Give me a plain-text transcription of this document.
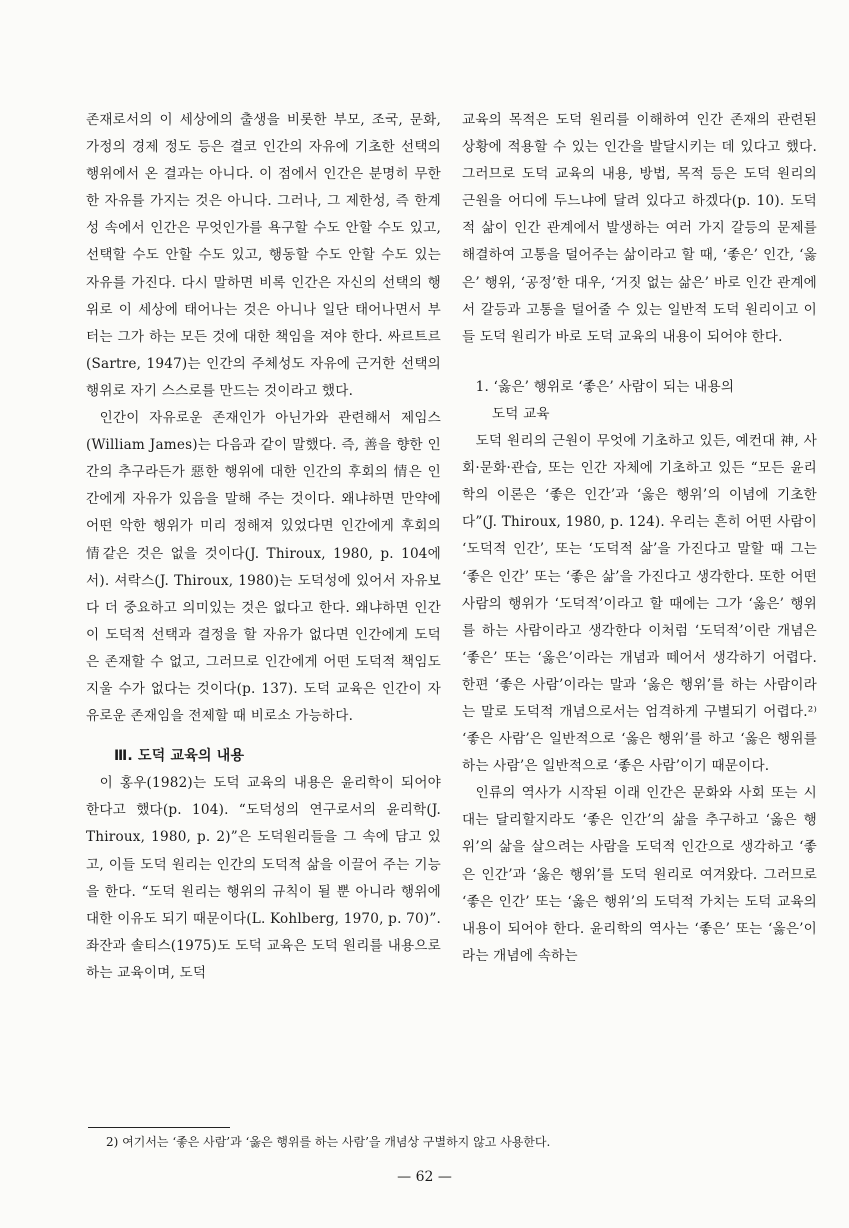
존재로서의 이 세상에의 출생을 비롯한 부모, 조국, 문화, 가정의 경제 정도 등은 결코 인간의 자유에 기초한 선택의 행위에서 온 결과는 아니다. 이 점에서 인간은 분명히 무한한 자유를 가지는 것은 아니다. 그러나, 그 제한성, 즉 한계성 속에서 인간은 무엇인가를 욕구할 수도 안할 수도 있고, 선택할 수도 안할 수도 있고, 행동할 수도 안할 수도 있는 자유를 가진다. 다시 말하면 비록 인간은 자신의 선택의 행위로 이 세상에 태어나는 것은 아니나 일단 태어나면서 부터는 그가 하는 모든 것에 대한 책임을 져야 한다. 싸르트르(Sartre, 1947)는 인간의 주체성도 자유에 근거한 선택의 행위로 자기 스스로를 만드는 것이라고 했다.

인간이 자유로운 존재인가 아닌가와 관련해서 제임스(William James)는 다음과 같이 말했다. 즉, 善을 향한 인간의 추구라든가 惡한 행위에 대한 인간의 후회의 情은 인간에게 자유가 있음을 말해 주는 것이다. 왜냐하면 만약에 어떤 악한 행위가 미리 정해져 있었다면 인간에게 후회의 情같은 것은 없을 것이다(J. Thiroux, 1980, p. 104에서). 셔락스(J. Thiroux, 1980)는 도덕성에 있어서 자유보다 더 중요하고 의미있는 것은 없다고 한다. 왜냐하면 인간이 도덕적 선택과 결정을 할 자유가 없다면 인간에게 도덕은 존재할 수 없고, 그러므로 인간에게 어떤 도덕적 책임도 지울 수가 없다는 것이다(p. 137). 도덕 교육은 인간이 자유로운 존재임을 전제할 때 비로소 가능하다.

Ⅲ. 도덕 교육의 내용

이 홍우(1982)는 도덕 교육의 내용은 윤리학이 되어야 한다고 했다(p. 104). “도덕성의 연구로서의 윤리학(J. Thiroux, 1980, p. 2)”은 도덕원리들을 그 속에 담고 있고, 이들 도덕 원리는 인간의 도덕적 삶을 이끌어 주는 기능을 한다. “도덕 원리는 행위의 규칙이 될 뿐 아니라 행위에 대한 이유도 되기 때문이다(L. Kohlberg, 1970, p. 70)”. 좌잔과 솔티스(1975)도 도덕 교육은 도덕 원리를 내용으로 하는 교육이며, 도덕

교육의 목적은 도덕 원리를 이해하여 인간 존재의 관련된 상황에 적용할 수 있는 인간을 발달시키는 데 있다고 했다. 그러므로 도덕 교육의 내용, 방법, 목적 등은 도덕 원리의 근원을 어디에 두느냐에 달려 있다고 하겠다(p. 10). 도덕적 삶이 인간 관계에서 발생하는 여러 가지 갈등의 문제를 해결하여 고통을 덜어주는 삶이라고 할 때, ‘좋은’ 인간, ‘옳은’ 행위, ‘공정’한 대우, ‘거짓 없는 삶은’ 바로 인간 관계에서 갈등과 고통을 덜어줄 수 있는 일반적 도덕 원리이고 이들 도덕 원리가 바로 도덕 교육의 내용이 되어야 한다.

1. ‘옳은’ 행위로 ‘좋은’ 사람이 되는 내용의
도덕 교육

도덕 원리의 근원이 무엇에 기초하고 있든, 예컨대 神, 사회·문화·관습, 또는 인간 자체에 기초하고 있든 “모든 윤리학의 이론은 ‘좋은 인간’과 ‘옳은 행위’의 이념에 기초한다”(J. Thiroux, 1980, p. 124). 우리는 흔히 어떤 사람이 ‘도덕적 인간’, 또는 ‘도덕적 삶’을 가진다고 말할 때 그는 ‘좋은 인간’ 또는 ‘좋은 삶’을 가진다고 생각한다. 또한 어떤 사람의 행위가 ‘도덕적’이라고 할 때에는 그가 ‘옳은’ 행위를 하는 사람이라고 생각한다 이처럼 ‘도덕적’이란 개념은 ‘좋은’ 또는 ‘옳은’이라는 개념과 떼어서 생각하기 어렵다. 한편 ‘좋은 사람’이라는 말과 ‘옳은 행위’를 하는 사람이라는 말로 도덕적 개념으로서는 엄격하게 구별되기 어렵다.²⁾ ‘좋은 사람’은 일반적으로 ‘옳은 행위’를 하고 ‘옳은 행위를 하는 사람’은 일반적으로 ‘좋은 사람’이기 때문이다.

인류의 역사가 시작된 이래 인간은 문화와 사회 또는 시대는 달리할지라도 ‘좋은 인간’의 삶을 추구하고 ‘옳은 행위’의 삶을 살으려는 사람을 도덕적 인간으로 생각하고 ‘좋은 인간’과 ‘옳은 행위’를 도덕 원리로 여겨왔다. 그러므로 ‘좋은 인간’ 또는 ‘옳은 행위’의 도덕적 가치는 도덕 교육의 내용이 되어야 한다. 윤리학의 역사는 ‘좋은’ 또는 ‘옳은’이라는 개념에 속하는

2) 여기서는 ‘좋은 사람’과 ‘옳은 행위를 하는 사람’을 개념상 구별하지 않고 사용한다.

— 62 —
